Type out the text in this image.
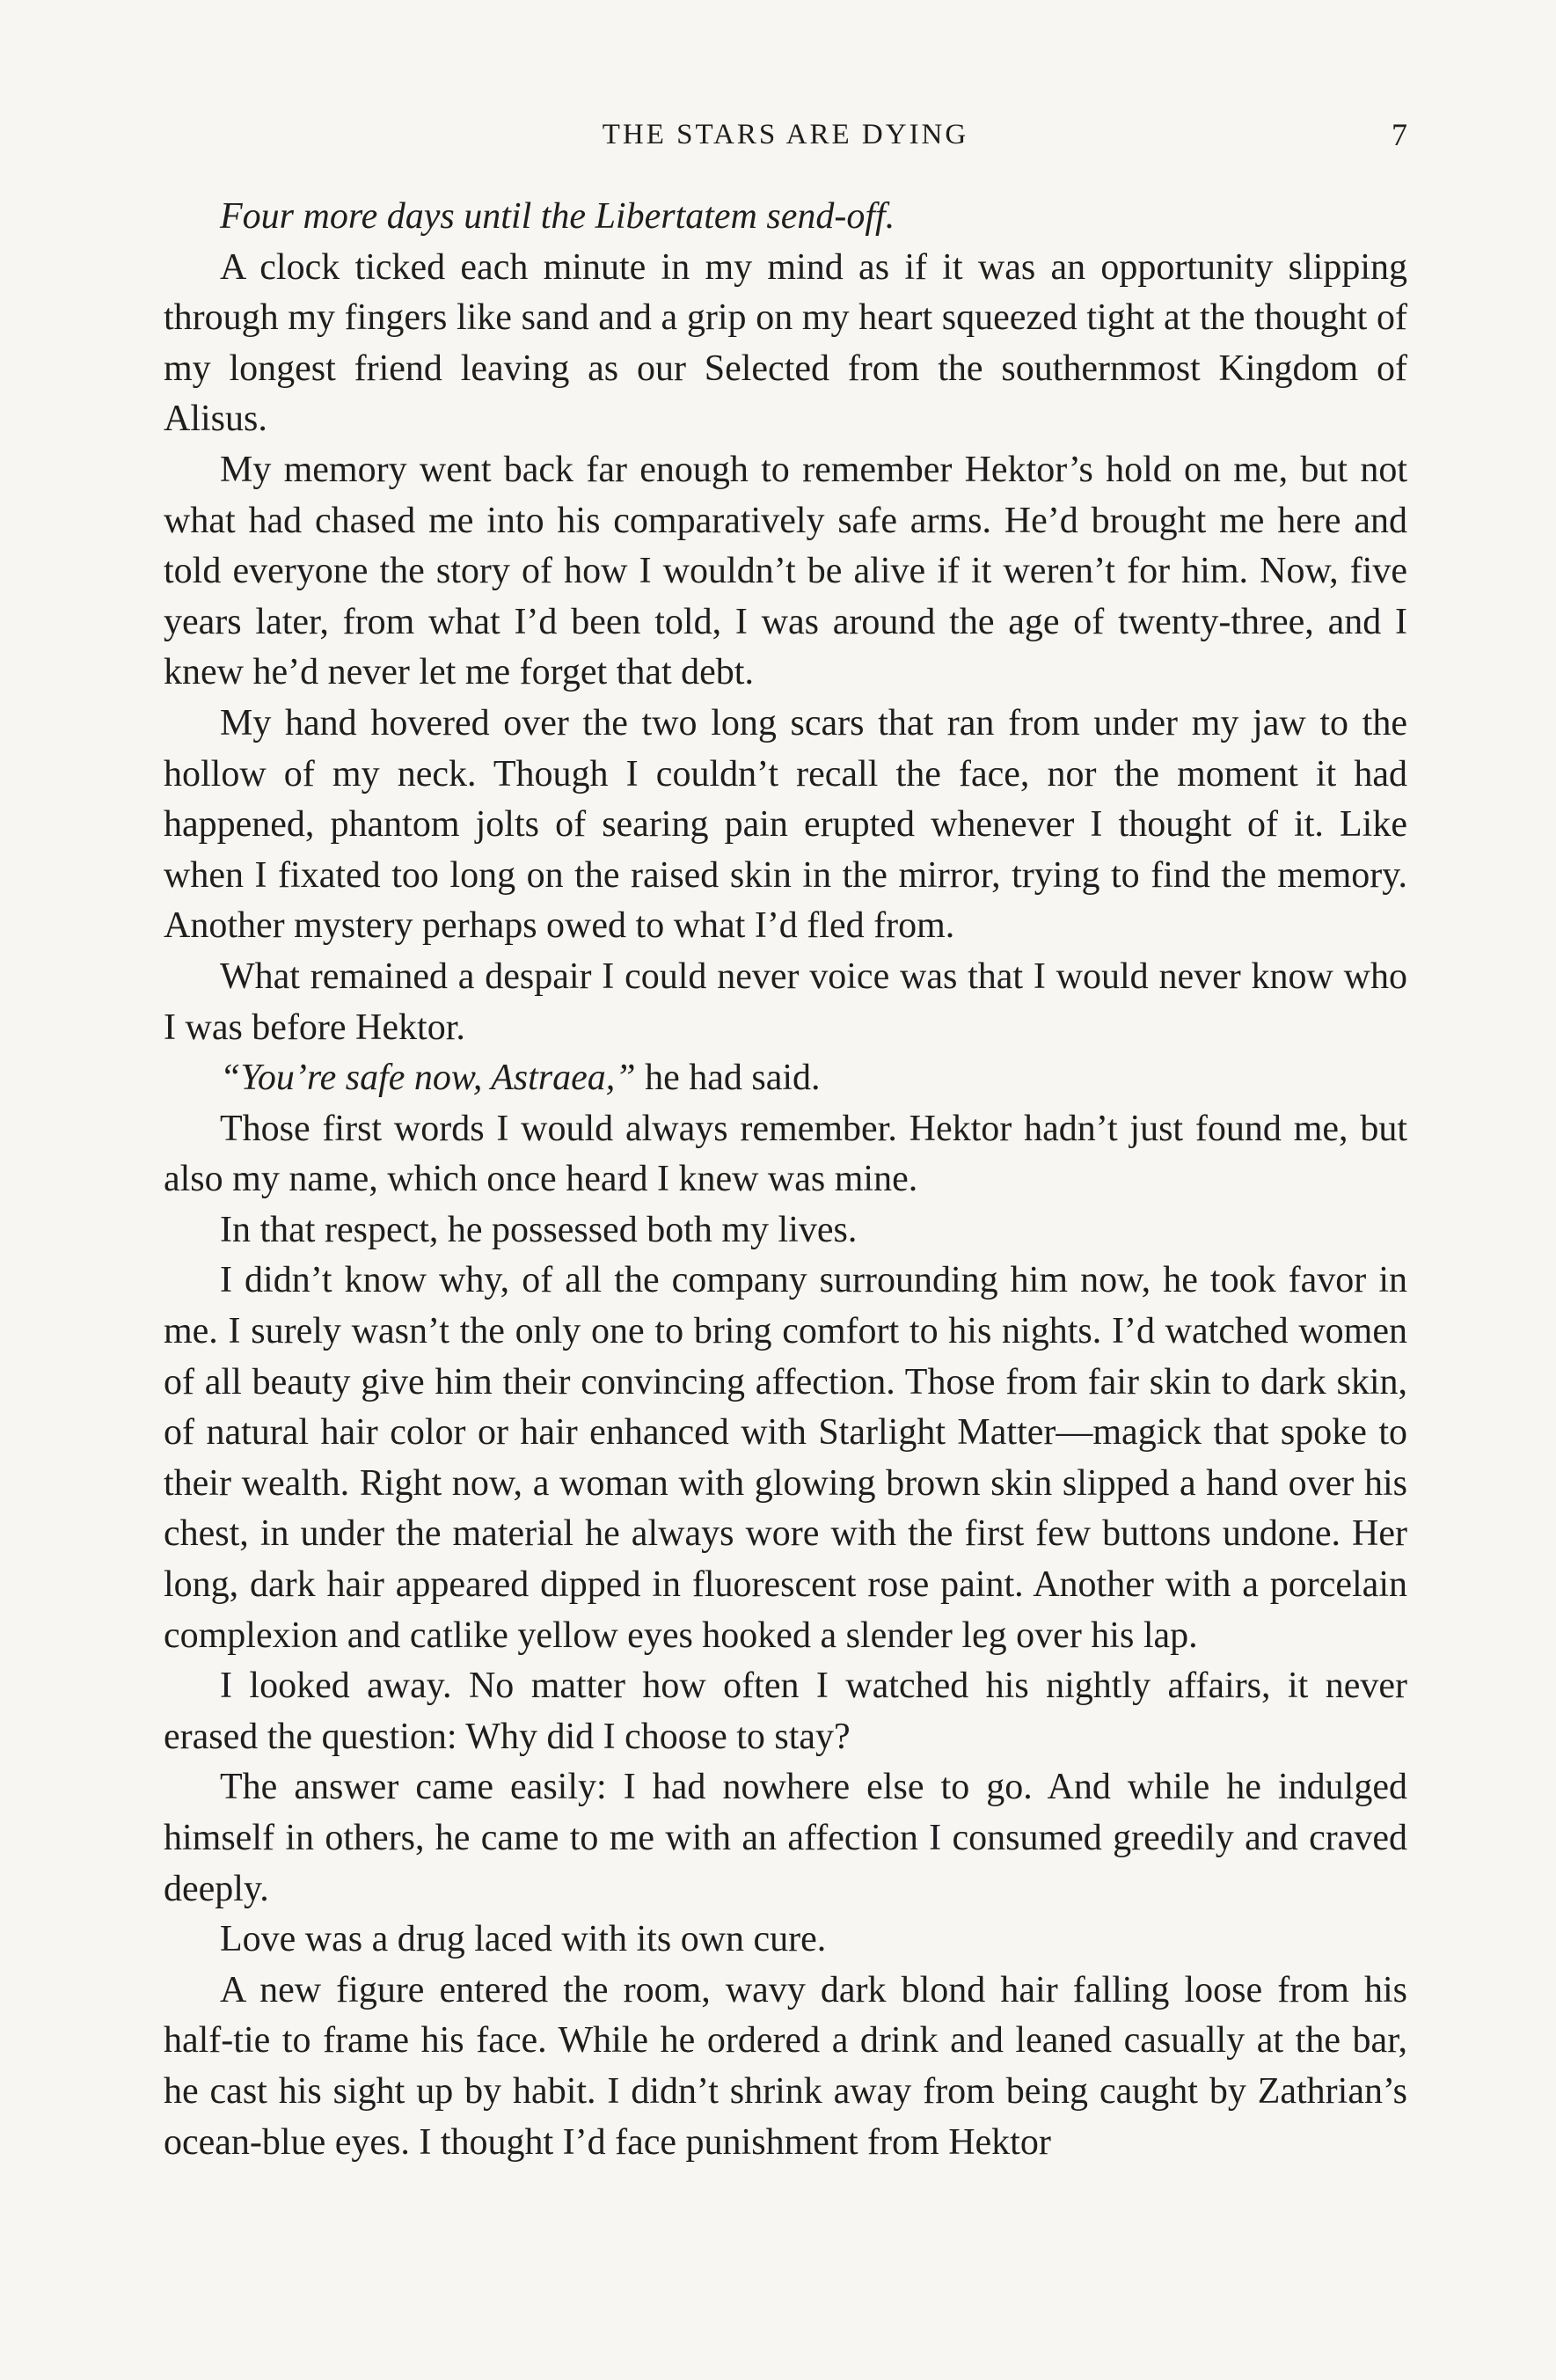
THE STARS ARE DYING	7

Four more days until the Libertatem send-off.

A clock ticked each minute in my mind as if it was an opportunity slipping through my fingers like sand and a grip on my heart squeezed tight at the thought of my longest friend leaving as our Selected from the southernmost Kingdom of Alisus.

My memory went back far enough to remember Hektor’s hold on me, but not what had chased me into his comparatively safe arms. He’d brought me here and told everyone the story of how I wouldn’t be alive if it weren’t for him. Now, five years later, from what I’d been told, I was around the age of twenty-three, and I knew he’d never let me forget that debt.

My hand hovered over the two long scars that ran from under my jaw to the hollow of my neck. Though I couldn’t recall the face, nor the moment it had happened, phantom jolts of searing pain erupted whenever I thought of it. Like when I fixated too long on the raised skin in the mirror, trying to find the memory. Another mystery perhaps owed to what I’d fled from.

What remained a despair I could never voice was that I would never know who I was before Hektor.

“You’re safe now, Astraea,” he had said.

Those first words I would always remember. Hektor hadn’t just found me, but also my name, which once heard I knew was mine.

In that respect, he possessed both my lives.

I didn’t know why, of all the company surrounding him now, he took favor in me. I surely wasn’t the only one to bring comfort to his nights. I’d watched women of all beauty give him their convincing affection. Those from fair skin to dark skin, of natural hair color or hair enhanced with Starlight Matter—magick that spoke to their wealth. Right now, a woman with glowing brown skin slipped a hand over his chest, in under the material he always wore with the first few buttons undone. Her long, dark hair appeared dipped in fluorescent rose paint. Another with a porcelain complexion and catlike yellow eyes hooked a slender leg over his lap.

I looked away. No matter how often I watched his nightly affairs, it never erased the question: Why did I choose to stay?

The answer came easily: I had nowhere else to go. And while he indulged himself in others, he came to me with an affection I consumed greedily and craved deeply.

Love was a drug laced with its own cure.

A new figure entered the room, wavy dark blond hair falling loose from his half-tie to frame his face. While he ordered a drink and leaned casually at the bar, he cast his sight up by habit. I didn’t shrink away from being caught by Zathrian’s ocean-blue eyes. I thought I’d face punishment from Hektor
